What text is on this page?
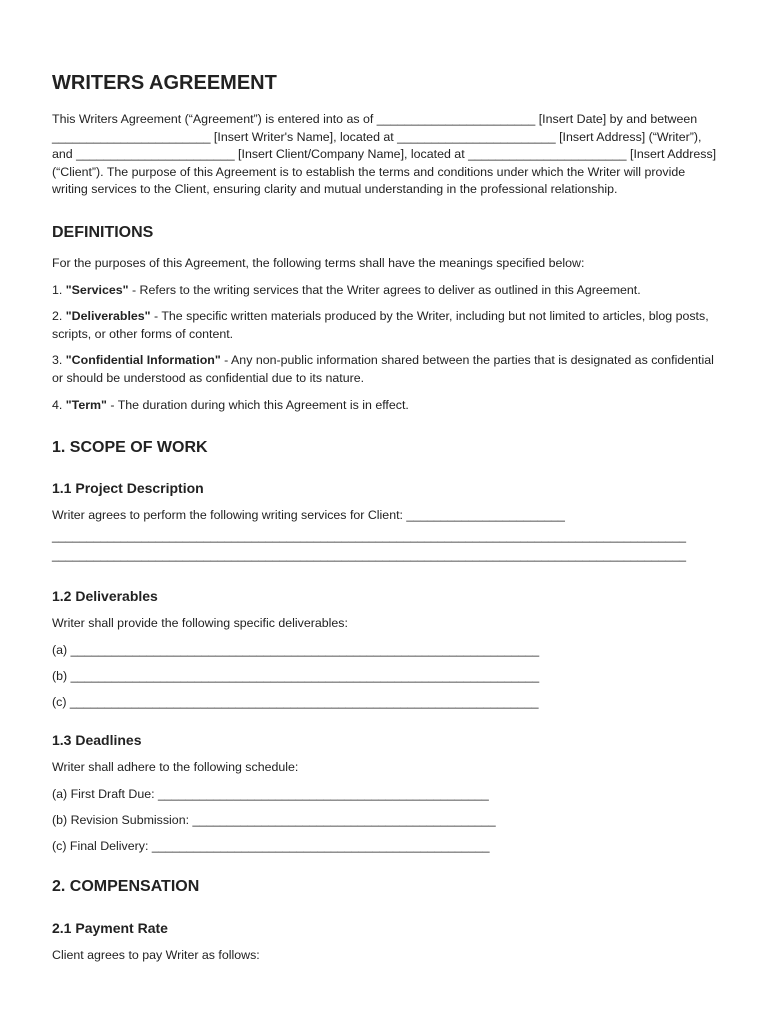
WRITERS AGREEMENT

This Writers Agreement (“Agreement”) is entered into as of _______________________ [Insert Date] by and between _______________________ [Insert Writer's Name], located at _______________________ [Insert Address] (“Writer”), and _______________________ [Insert Client/Company Name], located at _______________________ [Insert Address] (“Client”). The purpose of this Agreement is to establish the terms and conditions under which the Writer will provide writing services to the Client, ensuring clarity and mutual understanding in the professional relationship.

DEFINITIONS

For the purposes of this Agreement, the following terms shall have the meanings specified below:

1. "Services" - Refers to the writing services that the Writer agrees to deliver as outlined in this Agreement.

2. "Deliverables" - The specific written materials produced by the Writer, including but not limited to articles, blog posts, scripts, or other forms of content.

3. "Confidential Information" - Any non-public information shared between the parties that is designated as confidential or should be understood as confidential due to its nature.

4. "Term" - The duration during which this Agreement is in effect.

1. SCOPE OF WORK
1.1 Project Description

Writer agrees to perform the following writing services for Client: _______________________

____________________________________________________________________________________________

____________________________________________________________________________________________

1.2 Deliverables

Writer shall provide the following specific deliverables:

(a) ____________________________________________________________________

(b) ____________________________________________________________________

(c) ____________________________________________________________________

1.3 Deadlines

Writer shall adhere to the following schedule:

(a) First Draft Due: ________________________________________________

(b) Revision Submission: ____________________________________________

(c) Final Delivery: _________________________________________________

2. COMPENSATION
2.1 Payment Rate

Client agrees to pay Writer as follows:
